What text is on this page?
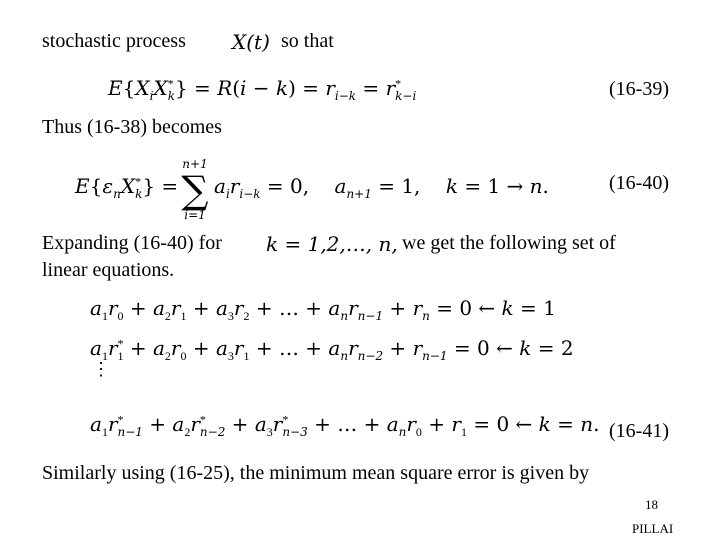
stochastic process X(t) so that
$E\{X_iX^*_k\} = R(i - k) = r_{i-k} = r^*_{k-i}$	(16-39)
Thus (16-38) becomes
$E\{\varepsilon_nX^*_k\}$ =
n+1
∑
i=1
$a_ir_{i-k} = 0$,    $a_{n+1} = 1$,    k = 1 → n.	(16-40)
Expanding (16-40) for k = 1,2,…, n, we get the following set of
linear equations.
$a_1r_0 + a_2r_1 + a_3r_2$ + … + $a_nr_{n-1} + r_n = 0$ ← k = 1
$a_1r^*_1 + a_2r_0 + a_3r_1$ + … + $a_nr_{n-2} + r_{n-1} = 0$ ← k = 2
⋮
$a_1r^*_{n-1} + a_2r^*_{n-2} + a_3r^*_{n-3}$ + … + $a_nr_0 + r_1 = 0$ ← k = n. (16-41)
Similarly using (16-25), the minimum mean square error is given by
18
PILLAI
